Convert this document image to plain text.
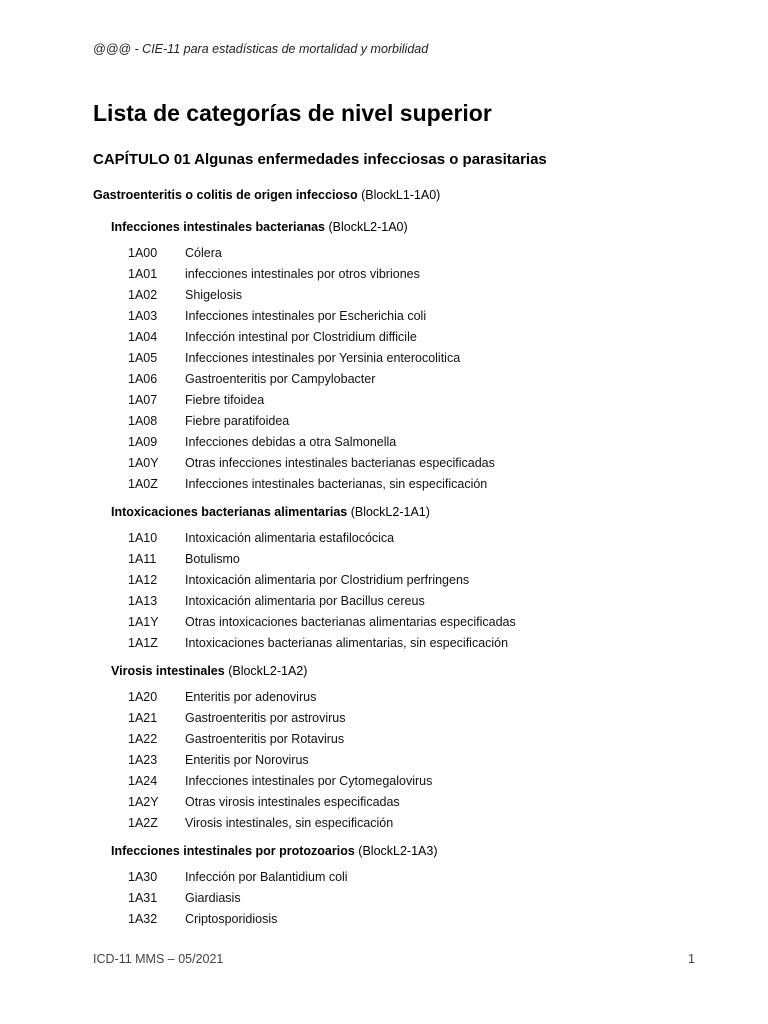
@@@ - CIE-11 para estadísticas de mortalidad y morbilidad
Lista de categorías de nivel superior
CAPÍTULO 01 Algunas enfermedades infecciosas o parasitarias
Gastroenteritis o colitis de origen infeccioso (BlockL1-1A0)
Infecciones intestinales bacterianas (BlockL2-1A0)
1A00 Cólera
1A01 infecciones intestinales por otros vibriones
1A02 Shigelosis
1A03 Infecciones intestinales por Escherichia coli
1A04 Infección intestinal por Clostridium difficile
1A05 Infecciones intestinales por Yersinia enterocolitica
1A06 Gastroenteritis por Campylobacter
1A07 Fiebre tifoidea
1A08 Fiebre paratifoidea
1A09 Infecciones debidas a otra Salmonella
1A0Y Otras infecciones intestinales bacterianas especificadas
1A0Z Infecciones intestinales bacterianas, sin especificación
Intoxicaciones bacterianas alimentarias (BlockL2-1A1)
1A10 Intoxicación alimentaria estafilocócica
1A11 Botulismo
1A12 Intoxicación alimentaria por Clostridium perfringens
1A13 Intoxicación alimentaria por Bacillus cereus
1A1Y Otras intoxicaciones bacterianas alimentarias especificadas
1A1Z Intoxicaciones bacterianas alimentarias, sin especificación
Virosis intestinales (BlockL2-1A2)
1A20 Enteritis por adenovirus
1A21 Gastroenteritis por astrovirus
1A22 Gastroenteritis por Rotavirus
1A23 Enteritis por Norovirus
1A24 Infecciones intestinales por Cytomegalovirus
1A2Y Otras virosis intestinales especificadas
1A2Z Virosis intestinales, sin especificación
Infecciones intestinales por protozoarios (BlockL2-1A3)
1A30 Infección por Balantidium coli
1A31 Giardiasis
1A32 Criptosporidiosis
ICD-11 MMS – 05/2021	1
